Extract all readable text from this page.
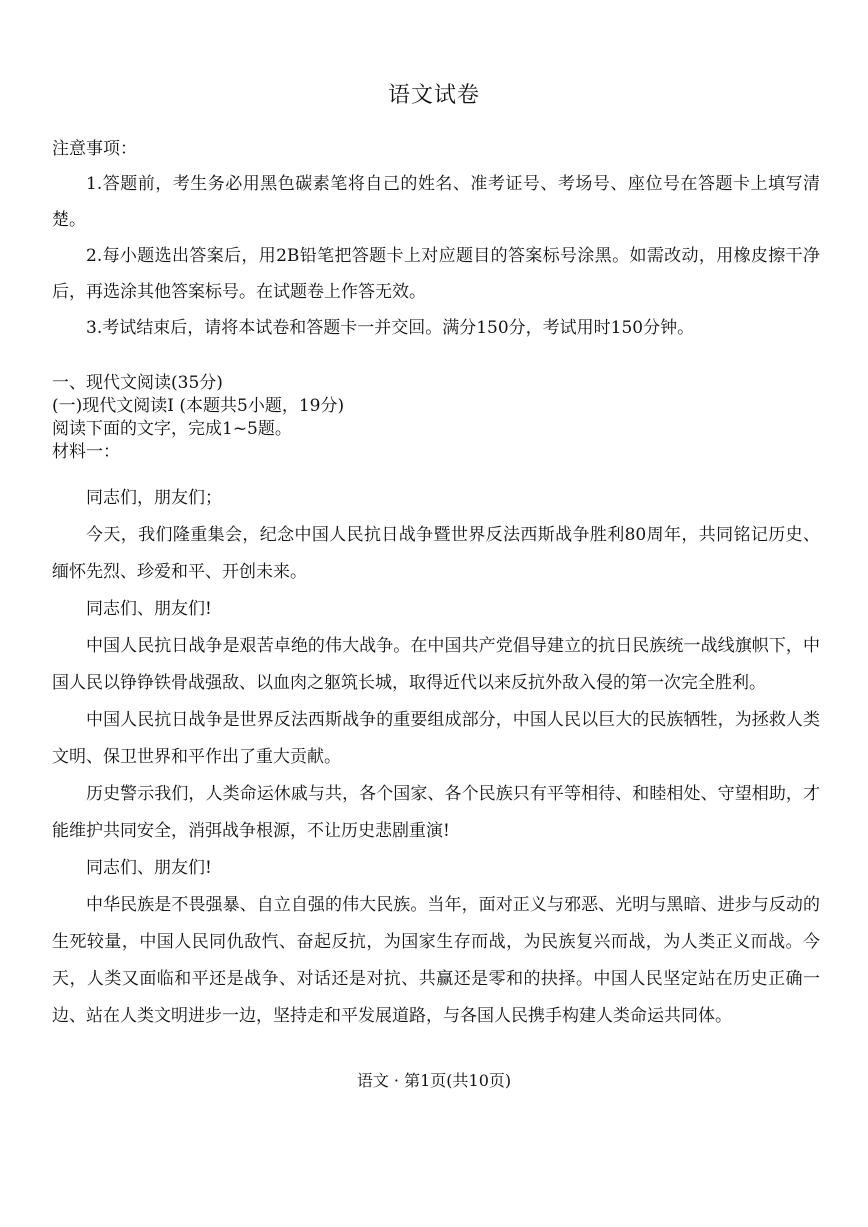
语文试卷
注意事项：

1.答题前，考生务必用黑色碳素笔将自己的姓名、准考证号、考场号、座位号在答题卡上填写清楚。

2.每小题选出答案后，用2B铅笔把答题卡上对应题目的答案标号涂黑。如需改动，用橡皮擦干净后，再选涂其他答案标号。在试题卷上作答无效。

3.考试结束后，请将本试卷和答题卡一并交回。满分150分，考试用时150分钟。

一、现代文阅读(35分)
(一)现代文阅读Ⅰ (本题共5小题，19分)
阅读下面的文字，完成1~5题。
材料一：

同志们，朋友们；

今天，我们隆重集会，纪念中国人民抗日战争暨世界反法西斯战争胜利80周年，共同铭记历史、缅怀先烈、珍爱和平、开创未来。

同志们、朋友们!

中国人民抗日战争是艰苦卓绝的伟大战争。在中国共产党倡导建立的抗日民族统一战线旗帜下，中国人民以铮铮铁骨战强敌、以血肉之躯筑长城，取得近代以来反抗外敌入侵的第一次完全胜利。

中国人民抗日战争是世界反法西斯战争的重要组成部分，中国人民以巨大的民族牺牲，为拯救人类文明、保卫世界和平作出了重大贡献。

历史警示我们，人类命运休戚与共，各个国家、各个民族只有平等相待、和睦相处、守望相助，才能维护共同安全，消弭战争根源，不让历史悲剧重演!

同志们、朋友们!

中华民族是不畏强暴、自立自强的伟大民族。当年，面对正义与邪恶、光明与黑暗、进步与反动的生死较量，中国人民同仇敌忾、奋起反抗，为国家生存而战，为民族复兴而战，为人类正义而战。今天，人类又面临和平还是战争、对话还是对抗、共赢还是零和的抉择。中国人民坚定站在历史正确一边、站在人类文明进步一边，坚持走和平发展道路，与各国人民携手构建人类命运共同体。

语文 · 第1页(共10页)
